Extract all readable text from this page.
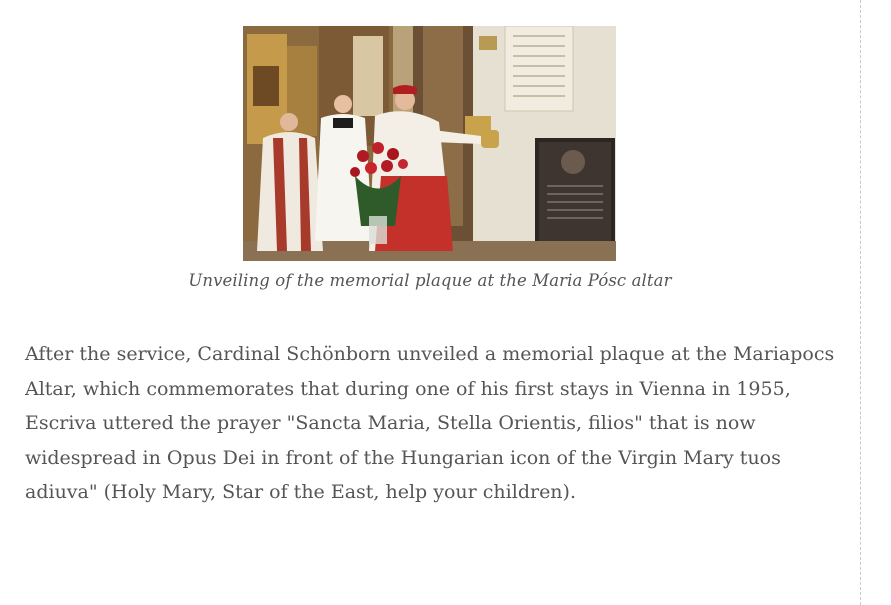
Unveiling of the memorial plaque at the Maria Pósc altar

After the service, Cardinal Schönborn unveiled a memorial plaque at the Mariapocs Altar, which commemorates that during one of his first stays in Vienna in 1955, Escriva uttered the prayer "Sancta Maria, Stella Orientis, filios" that is now widespread in Opus Dei in front of the Hungarian icon of the Virgin Mary tuos adiuva" (Holy Mary, Star of the East, help your children).
